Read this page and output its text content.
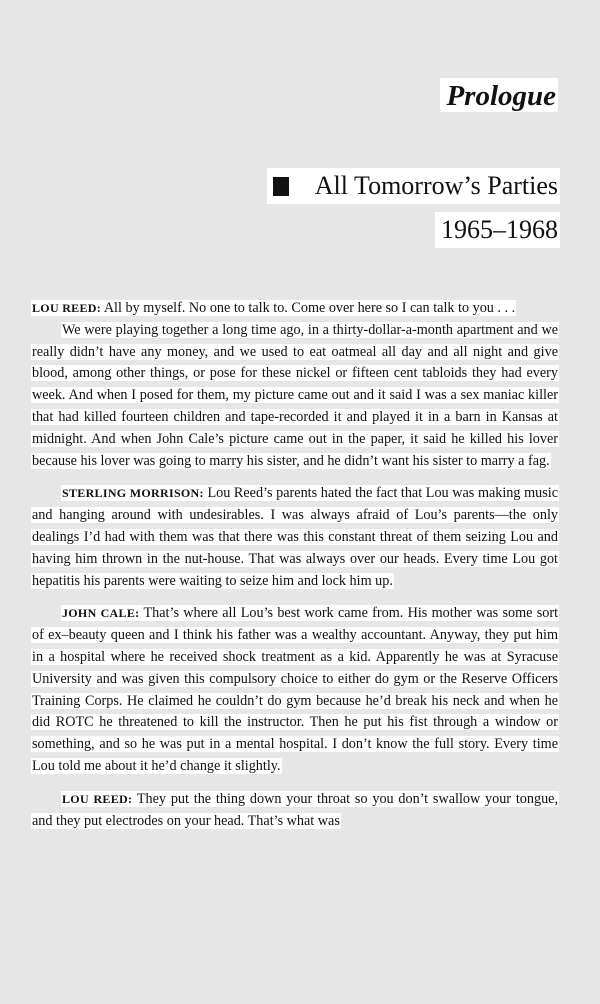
Prologue
All Tomorrow’s Parties
1965–1968

LOU REED: All by myself. No one to talk to. Come over here so I can talk to you . . .

We were playing together a long time ago, in a thirty-dollar-a-month apartment and we really didn’t have any money, and we used to eat oatmeal all day and all night and give blood, among other things, or pose for these nickel or fifteen cent tabloids they had every week. And when I posed for them, my picture came out and it said I was a sex maniac killer that had killed fourteen children and tape-recorded it and played it in a barn in Kansas at midnight. And when John Cale’s picture came out in the paper, it said he killed his lover because his lover was going to marry his sister, and he didn’t want his sister to marry a fag.

STERLING MORRISON: Lou Reed’s parents hated the fact that Lou was making music and hanging around with undesirables. I was always afraid of Lou’s parents—the only dealings I’d had with them was that there was this constant threat of them seizing Lou and having him thrown in the nut-house. That was always over our heads. Every time Lou got hepatitis his parents were waiting to seize him and lock him up.

JOHN CALE: That’s where all Lou’s best work came from. His mother was some sort of ex–beauty queen and I think his father was a wealthy accountant. Anyway, they put him in a hospital where he received shock treatment as a kid. Apparently he was at Syracuse University and was given this compulsory choice to either do gym or the Reserve Officers Training Corps. He claimed he couldn’t do gym because he’d break his neck and when he did ROTC he threatened to kill the instructor. Then he put his fist through a window or something, and so he was put in a mental hospital. I don’t know the full story. Every time Lou told me about it he’d change it slightly.

LOU REED: They put the thing down your throat so you don’t swallow your tongue, and they put electrodes on your head. That’s what was
